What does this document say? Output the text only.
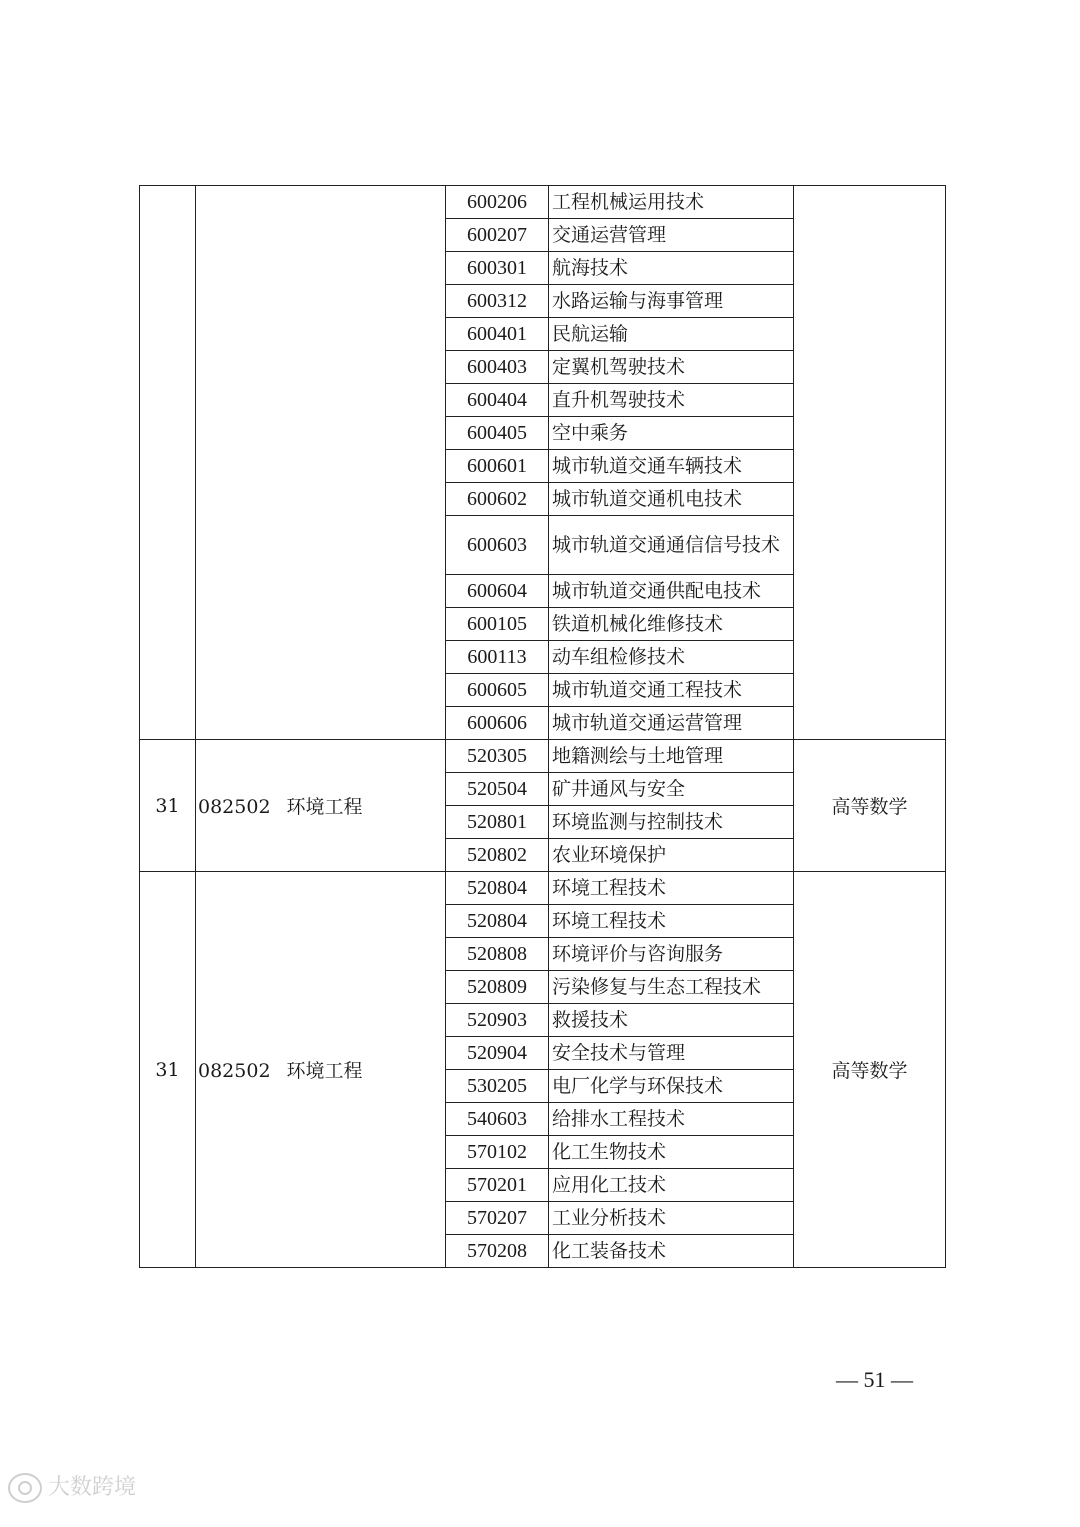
		600206	工程机械运用技术	
		600207	交通运营管理	
		600301	航海技术	
		600312	水路运输与海事管理	
		600401	民航运输	
		600403	定翼机驾驶技术	
		600404	直升机驾驶技术	
		600405	空中乘务	
		600601	城市轨道交通车辆技术	
		600602	城市轨道交通机电技术	
		600603	城市轨道交通通信信号技术	
		600604	城市轨道交通供配电技术	
		600105	铁道机械化维修技术	
		600113	动车组检修技术	
		600605	城市轨道交通工程技术	
		600606	城市轨道交通运营管理	
31	082502 环境工程	520305	地籍测绘与土地管理	高等数学
		520504	矿井通风与安全	
		520801	环境监测与控制技术	
		520802	农业环境保护	
31	082502 环境工程	520804	环境工程技术	高等数学
		520804	环境工程技术	
		520808	环境评价与咨询服务	
		520809	污染修复与生态工程技术	
		520903	救援技术	
		520904	安全技术与管理	
		530205	电厂化学与环保技术	
		540603	给排水工程技术	
		570102	化工生物技术	
		570201	应用化工技术	
		570207	工业分析技术	
		570208	化工装备技术	
— 51 —
大数跨境
